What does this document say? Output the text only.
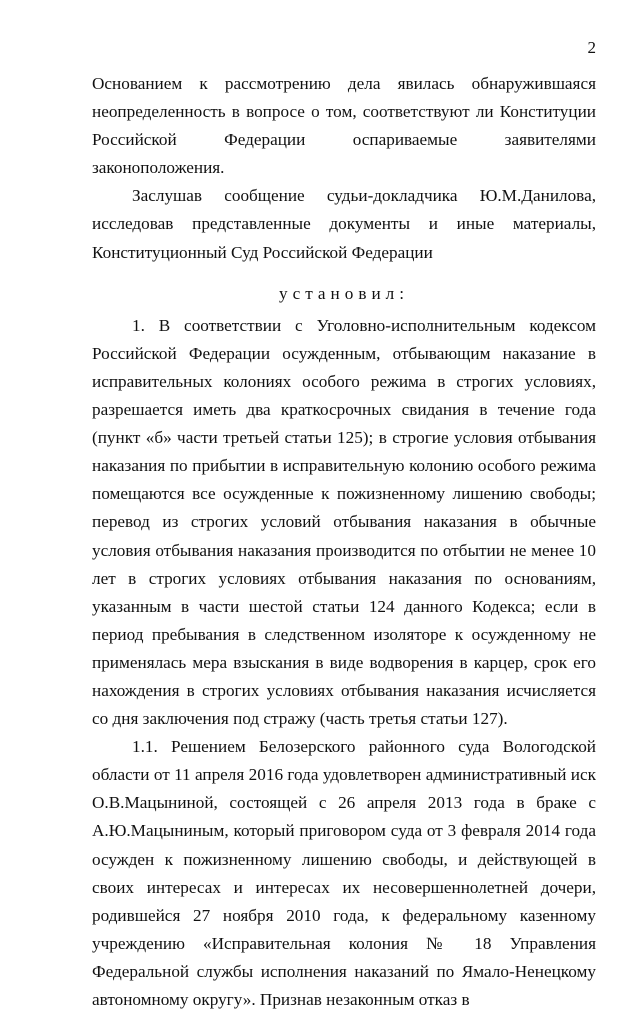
2

Основанием к рассмотрению дела явилась обнаружившаяся неопределенность в вопросе о том, соответствуют ли Конституции Российской Федерации оспариваемые заявителями законоположения.

Заслушав сообщение судьи-докладчика Ю.М.Данилова, исследовав представленные документы и иные материалы, Конституционный Суд Российской Федерации

установил:

1. В соответствии с Уголовно-исполнительным кодексом Российской Федерации осужденным, отбывающим наказание в исправительных колониях особого режима в строгих условиях, разрешается иметь два краткосрочных свидания в течение года (пункт «б» части третьей статьи 125); в строгие условия отбывания наказания по прибытии в исправительную колонию особого режима помещаются все осужденные к пожизненному лишению свободы; перевод из строгих условий отбывания наказания в обычные условия отбывания наказания производится по отбытии не менее 10 лет в строгих условиях отбывания наказания по основаниям, указанным в части шестой статьи 124 данного Кодекса; если в период пребывания в следственном изоляторе к осужденному не применялась мера взыскания в виде водворения в карцер, срок его нахождения в строгих условиях отбывания наказания исчисляется со дня заключения под стражу (часть третья статьи 127).

1.1. Решением Белозерского районного суда Вологодской области от 11 апреля 2016 года удовлетворен административный иск О.В.Мацыниной, состоящей с 26 апреля 2013 года в браке с А.Ю.Мацыниным, который приговором суда от 3 февраля 2014 года осужден к пожизненному лишению свободы, и действующей в своих интересах и интересах их несовершеннолетней дочери, родившейся 27 ноября 2010 года, к федеральному казенному учреждению «Исправительная колония № 18 Управления Федеральной службы исполнения наказаний по Ямало-Ненецкому автономному округу». Признав незаконным отказ в
